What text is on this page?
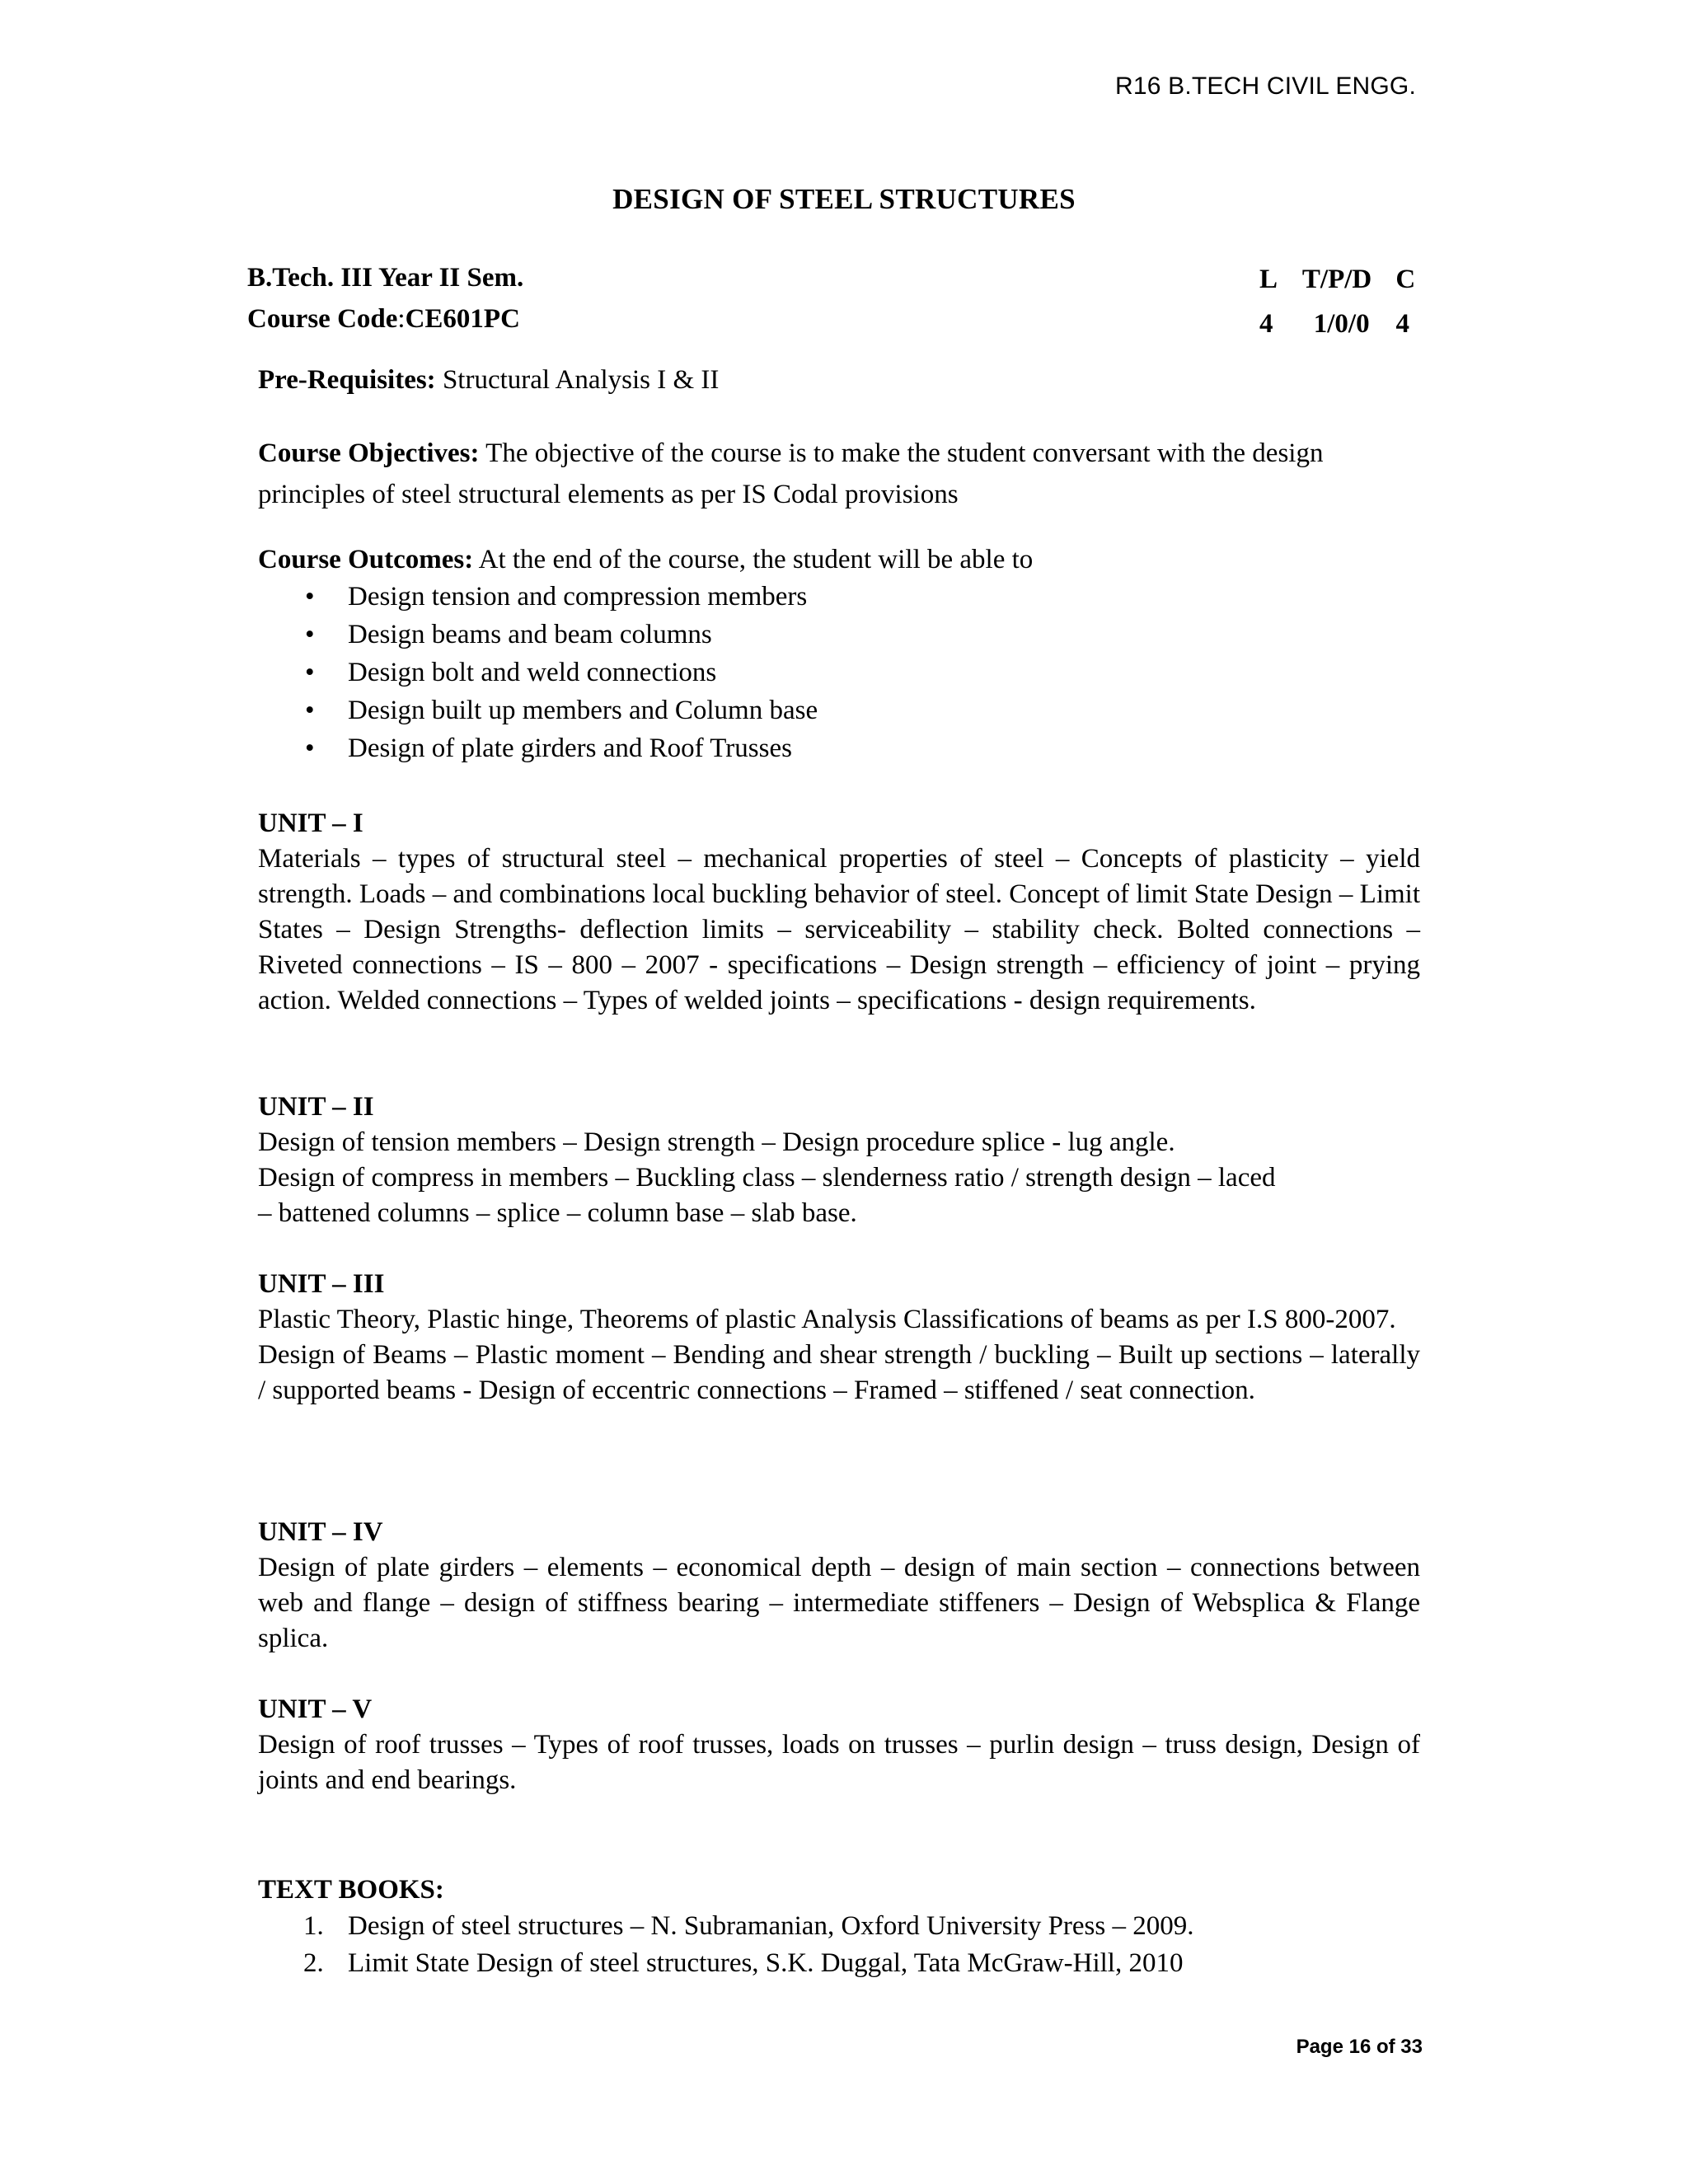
R16 B.TECH CIVIL ENGG.
DESIGN OF STEEL STRUCTURES
B.Tech. III Year II Sem.
Course Code:CE601PC
L T/P/D C
4	1/0/0 4
Pre-Requisites: Structural Analysis I & II
Course Objectives: The objective of the course is to make the student conversant with the design principles of steel structural elements as per IS Codal provisions
Course Outcomes: At the end of the course, the student will be able to
• Design tension and compression members
• Design beams and beam columns
• Design bolt and weld connections
• Design built up members and Column base
• Design of plate girders and Roof Trusses
UNIT – I
Materials – types of structural steel – mechanical properties of steel – Concepts of plasticity – yield strength. Loads – and combinations local buckling behavior of steel. Concept of limit State Design – Limit States – Design Strengths- deflection limits – serviceability – stability check. Bolted connections – Riveted connections – IS – 800 – 2007 - specifications – Design strength – efficiency of joint – prying action. Welded connections – Types of welded joints – specifications - design requirements.
UNIT – II
Design of tension members – Design strength – Design procedure splice - lug angle.
Design of compress in members – Buckling class – slenderness ratio / strength design – laced
– battened columns – splice – column base – slab base.
UNIT – III
Plastic Theory, Plastic hinge, Theorems of plastic Analysis Classifications of beams as per I.S 800-2007.
Design of Beams – Plastic moment – Bending and shear strength / buckling – Built up sections – laterally / supported beams - Design of eccentric connections – Framed – stiffened / seat connection.
UNIT – IV
Design of plate girders – elements – economical depth – design of main section – connections between web and flange – design of stiffness bearing – intermediate stiffeners – Design of Websplica & Flange splica.
UNIT – V
Design of roof trusses – Types of roof trusses, loads on trusses – purlin design – truss design, Design of joints and end bearings.
TEXT BOOKS:
1. Design of steel structures – N. Subramanian, Oxford University Press – 2009.
2. Limit State Design of steel structures, S.K. Duggal, Tata McGraw-Hill, 2010
Page 16 of 33
